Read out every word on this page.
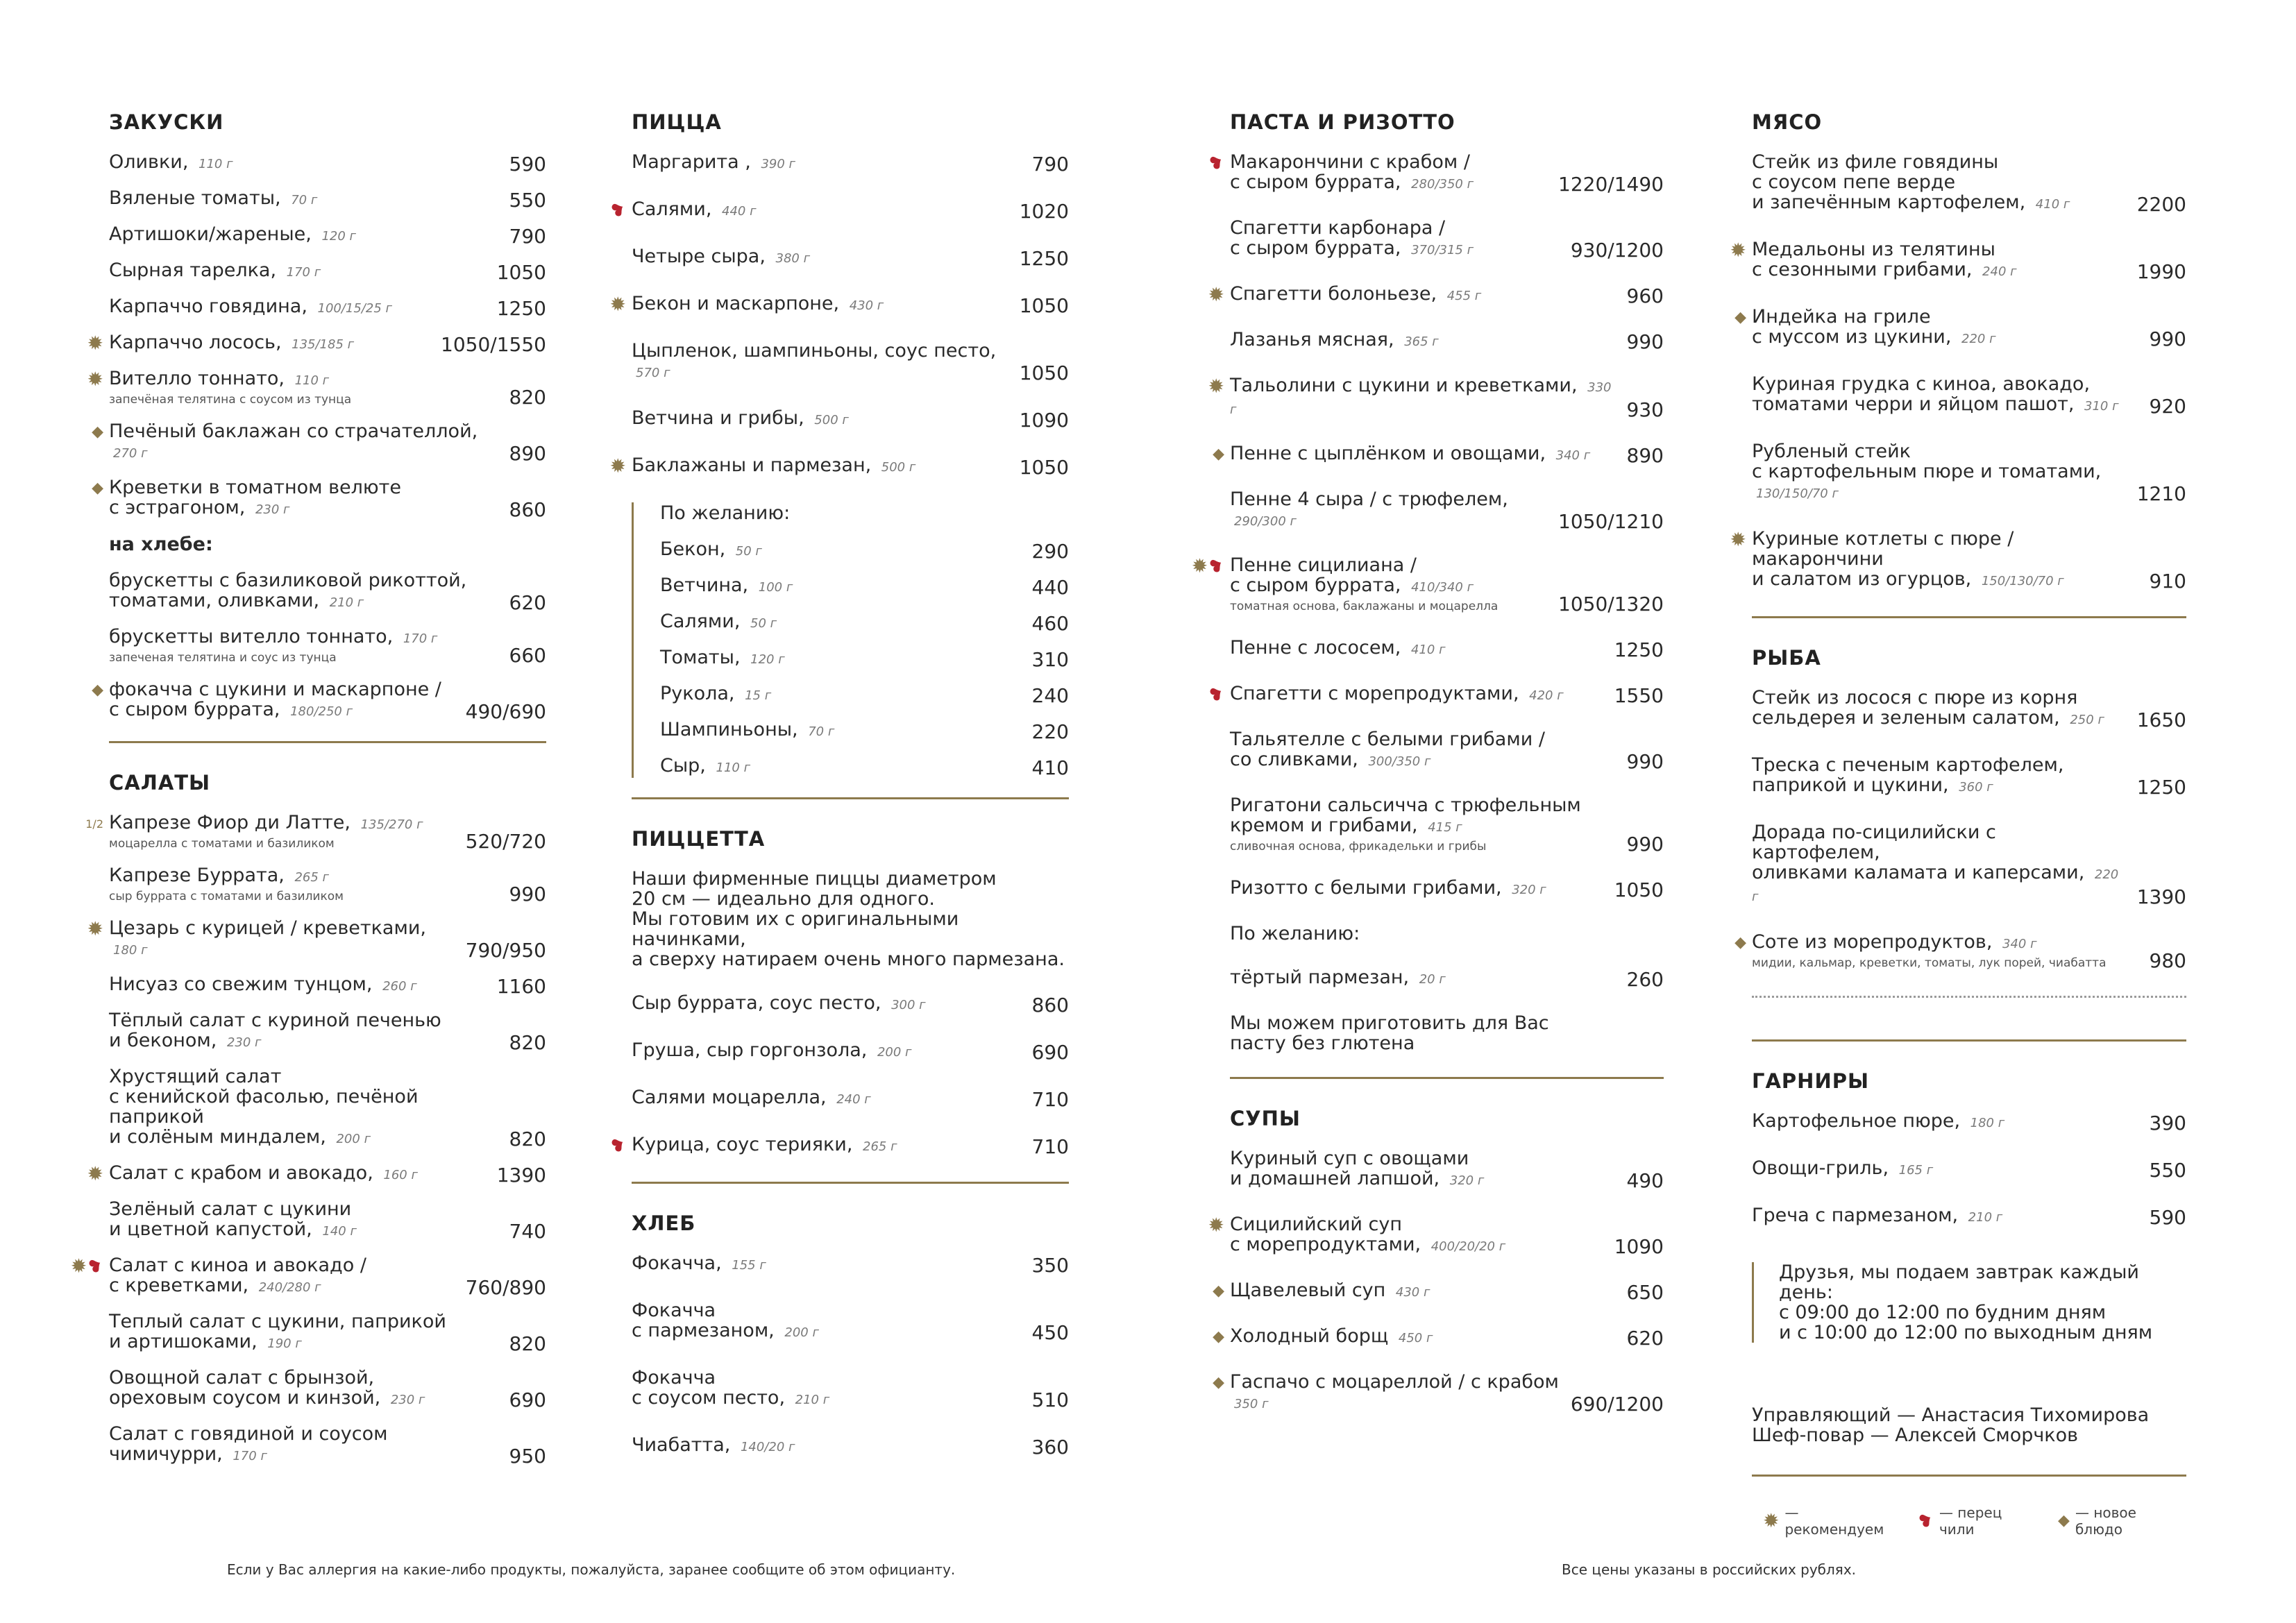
ЗАКУСКИ
Оливки, 110 г	590
Вяленые томаты, 70 г	550
Артишоки/жареные, 120 г	790
Сырная тарелка, 170 г	1050
Карпаччо говядина, 100/15/25 г	1250
✹ Карпаччо лосось, 135/185 г	1050/1550
✹ Вителло тоннато, 110 г
запечёная телятина с соусом из тунца	820
◆ Печёный баклажан со страчателлой, 270 г	890
◆ Креветки в томатном велюте
с эстрагоном, 230 г	860
на хлебе:
брускетты с базиликовой рикоттой,
томатами, оливками, 210 г	620
брускетты вителло тоннато, 170 г
запеченая телятина и соус из тунца	660
◆ фокачча с цукини и маскарпоне /
с сыром буррата, 180/250 г	490/690
САЛАТЫ
1/2 Капрезе Фиор ди Латте, 135/270 г
моцарелла с томатами и базиликом	520/720
Капрезе Буррата, 265 г
сыр буррата с томатами и базиликом	990
✹ Цезарь с курицей / креветками, 180 г	790/950
Нисуаз со свежим тунцом, 260 г	1160
Тёплый салат с куриной печенью
и беконом, 230 г	820
Хрустящий салат
с кенийской фасолью, печёной паприкой
и солёным миндалем, 200 г	820
✹ Салат с крабом и авокадо, 160 г	1390
Зелёный салат с цукини
и цветной капустой, 140 г	740
✹
❥ Салат с киноа и авокадо /
с креветками, 240/280 г	760/890
Теплый салат с цукини, паприкой
и артишоками, 190 г	820
Овощной салат с брынзой,
ореховым соусом и кинзой, 230 г	690
Салат с говядиной и соусом чимичурри, 170 г	950
ПИЦЦА
Маргарита , 390 г	790
❥ Салями, 440 г	1020
Четыре сыра, 380 г	1250
✹ Бекон и маскарпоне, 430 г	1050
Цыпленок, шампиньоны, соус песто, 570 г	1050
Ветчина и грибы, 500 г	1090
✹ Баклажаны и пармезан, 500 г	1050
По желанию:
Бекон, 50 г	290
Ветчина, 100 г	440
Салями, 50 г	460
Томаты, 120 г	310
Рукола, 15 г	240
Шампиньоны, 70 г	220
Сыр, 110 г	410
ПИЦЦЕТТА
Наши фирменные пиццы диаметром
20 см — идеально для одного.
Мы готовим их с оригинальными начинками,
а сверху натираем очень много пармезана.
Сыр буррата, соус песто, 300 г	860
Груша, сыр горгонзола, 200 г	690
Салями моцарелла, 240 г	710
❥ Курица, соус терияки, 265 г	710
ХЛЕБ
Фокачча, 155 г	350
Фокачча
с пармезаном, 200 г	450
Фокачча
с соусом песто, 210 г	510
Чиабатта, 140/20 г	360
ПАСТА И РИЗОТТО
❥ Макарончини с крабом /
с сыром буррата, 280/350 г	1220/1490
Спагетти карбонара /
с сыром буррата, 370/315 г	930/1200
✹ Спагетти болоньезе, 455 г	960
Лазанья мясная, 365 г	990
✹ Тальолини с цукини и креветками, 330 г	930
◆ Пенне с цыплёнком и овощами, 340 г	890
Пенне 4 сыра / с трюфелем, 290/300 г	1050/1210
✹
❥ Пенне сицилиана /
с сыром буррата, 410/340 г
томатная основа, баклажаны и моцарелла	1050/1320
Пенне с лососем, 410 г	1250
❥ Спагетти с морепродуктами, 420 г	1550
Тальятелле с белыми грибами /
со сливками, 300/350 г	990
Ригатони сальсичча с трюфельным
кремом и грибами, 415 г
сливочная основа, фрикадельки и грибы	990
Ризотто с белыми грибами, 320 г	1050
По желанию:
тёртый пармезан, 20 г	260
Мы можем приготовить для Вас
пасту без глютена
СУПЫ
Куриный суп с овощами
и домашней лапшой, 320 г	490
✹ Сицилийский суп
с морепродуктами, 400/20/20 г	1090
◆ Щавелевый суп 430 г	650
◆ Холодный борщ 450 г	620
◆ Гаспачо с моцареллой / с крабом 350 г	690/1200
МЯСО
Стейк из филе говядины
с соусом пепе верде
и запечённым картофелем, 410 г	2200
✹ Медальоны из телятины
с сезонными грибами, 240 г	1990
◆ Индейка на гриле
с муссом из цукини, 220 г	990
Куриная грудка с киноа, авокадо,
томатами черри и яйцом пашот, 310 г	920
Рубленый стейк
с картофельным пюре и томатами, 130/150/70 г	1210
✹ Куриные котлеты с пюре / макарончини
и салатом из огурцов, 150/130/70 г	910
РЫБА
Стейк из лосося с пюре из корня
сельдерея и зеленым салатом, 250 г	1650
Треска с печеным картофелем,
паприкой и цукини, 360 г	1250
Дорада по-сицилийски с картофелем,
оливками каламата и каперсами, 220 г	1390
◆ Соте из морепродуктов, 340 г
мидии, кальмар, креветки, томаты, лук порей, чиабатта	980
ГАРНИРЫ
Картофельное пюре, 180 г	390
Овощи-гриль, 165 г	550
Греча с пармезаном, 210 г	590
Друзья, мы подаем завтрак каждый день:
с 09:00 до 12:00 по будним дням
и с 10:00 до 12:00 по выходным дням
Управляющий — Анастасия Тихомирова
Шеф-повар — Алексей Сморчков
✹ — рекомендуем	❥ — перец чили	◆ — новое блюдо
Если у Вас аллергия на какие-либо продукты, пожалуйста, заранее сообщите об этом официанту.	Все цены указаны в российских рублях.
